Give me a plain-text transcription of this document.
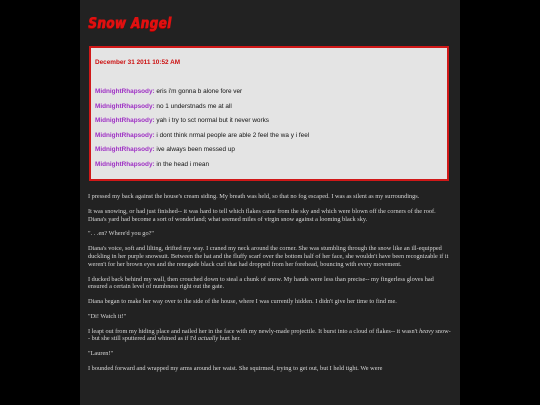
Snow Angel
December 31 2011 10:52 AM
MidnightRhapsody: eris i'm gonna b alone fore ver
MidnightRhapsody: no 1 understnads me at all
MidnightRhapsody: yah i try to sct normal but it never works
MidnightRhapsody: i dont think nrmal people are able 2 feel the wa y i feel
MidnightRhapsody: ive always been messed up
MidnightRhapsody: in the head i mean

I pressed my back against the house's cream siding. My breath was held, so that no fog escaped. I was as silent as my surroundings.

It was snowing, or had just finished-- it was hard to tell which flakes came from the sky and which were blown off the corners of the roof. Diana's yard had become a sort of wonderland; what seemed miles of virgin snow against a looming black sky.

". . .en? Where'd you go?"

Diana's voice, soft and lilting, drifted my way. I craned my neck around the corner. She was stumbling through the snow like an ill-equipped duckling in her purple snowsuit. Between the hat and the fluffy scarf over the bottom half of her face, she wouldn't have been recognizable if it weren't for her brown eyes and the renegade black curl that had dropped from her forehead, bouncing with every movement.

I ducked back behind my wall, then crouched down to steal a chunk of snow. My hands were less than precise-- my fingerless gloves had ensured a certain level of numbness right out the gate.

Diana began to make her way over to the side of the house, where I was currently hidden. I didn't give her time to find me.

"Di! Watch it!"

I leapt out from my hiding place and nailed her in the face with my newly-made projectile. It burst into a cloud of flakes-- it wasn't heavy snow-- but she still sputtered and whined as if I'd actually hurt her.

"Lauren!"

I bounded forward and wrapped my arms around her waist. She squirmed, trying to get out, but I held tight. We were
